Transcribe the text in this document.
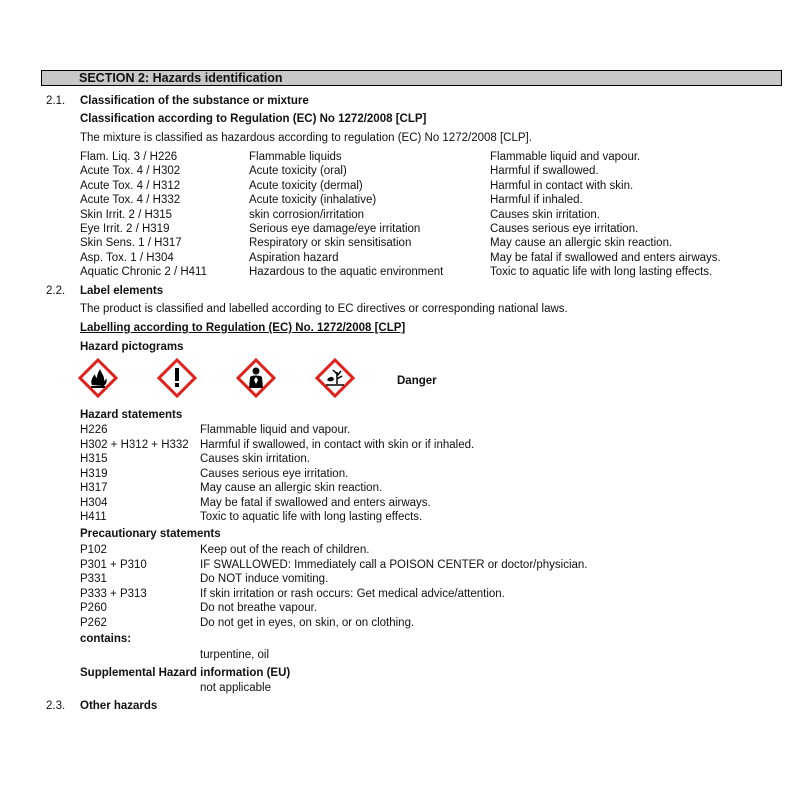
SECTION 2: Hazards identification
2.1. Classification of the substance or mixture
Classification according to Regulation (EC) No 1272/2008 [CLP]
The mixture is classified as hazardous according to regulation (EC) No 1272/2008 [CLP].
Flam. Liq. 3 / H226	Flammable liquids	Flammable liquid and vapour.
Acute Tox. 4 / H302	Acute toxicity (oral)	Harmful if swallowed.
Acute Tox. 4 / H312	Acute toxicity (dermal)	Harmful in contact with skin.
Acute Tox. 4 / H332	Acute toxicity (inhalative)	Harmful if inhaled.
Skin Irrit. 2 / H315	skin corrosion/irritation	Causes skin irritation.
Eye Irrit. 2 / H319	Serious eye damage/eye irritation	Causes serious eye irritation.
Skin Sens. 1 / H317	Respiratory or skin sensitisation	May cause an allergic skin reaction.
Asp. Tox. 1 / H304	Aspiration hazard	May be fatal if swallowed and enters airways.
Aquatic Chronic 2 / H411	Hazardous to the aquatic environment	Toxic to aquatic life with long lasting effects.
2.2. Label elements
The product is classified and labelled according to EC directives or corresponding national laws.
Labelling according to Regulation (EC) No. 1272/2008 [CLP]
Hazard pictograms
Danger
Hazard statements
H226	Flammable liquid and vapour.
H302 + H312 + H332 Harmful if swallowed, in contact with skin or if inhaled.
H315	Causes skin irritation.
H319	Causes serious eye irritation.
H317	May cause an allergic skin reaction.
H304	May be fatal if swallowed and enters airways.
H411	Toxic to aquatic life with long lasting effects.
Precautionary statements
P102	Keep out of the reach of children.
P301 + P310	IF SWALLOWED: Immediately call a POISON CENTER or doctor/physician.
P331	Do NOT induce vomiting.
P333 + P313	If skin irritation or rash occurs: Get medical advice/attention.
P260	Do not breathe vapour.
P262	Do not get in eyes, on skin, or on clothing.
contains:
turpentine, oil
Supplemental Hazard information (EU)
not applicable
2.3. Other hazards
